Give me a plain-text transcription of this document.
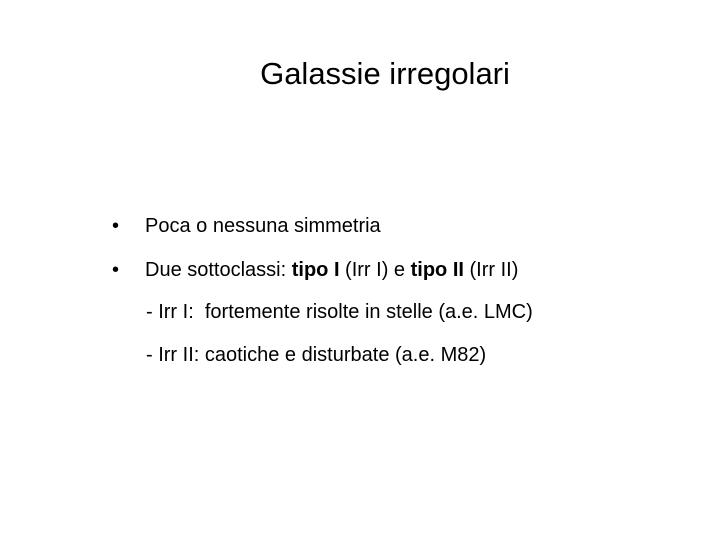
Galassie irregolari
• Poca o nessuna simmetria
• Due sottoclassi: tipo I (Irr I) e tipo II (Irr II)
- Irr I:  fortemente risolte in stelle (a.e. LMC)
- Irr II: caotiche e disturbate (a.e. M82)
